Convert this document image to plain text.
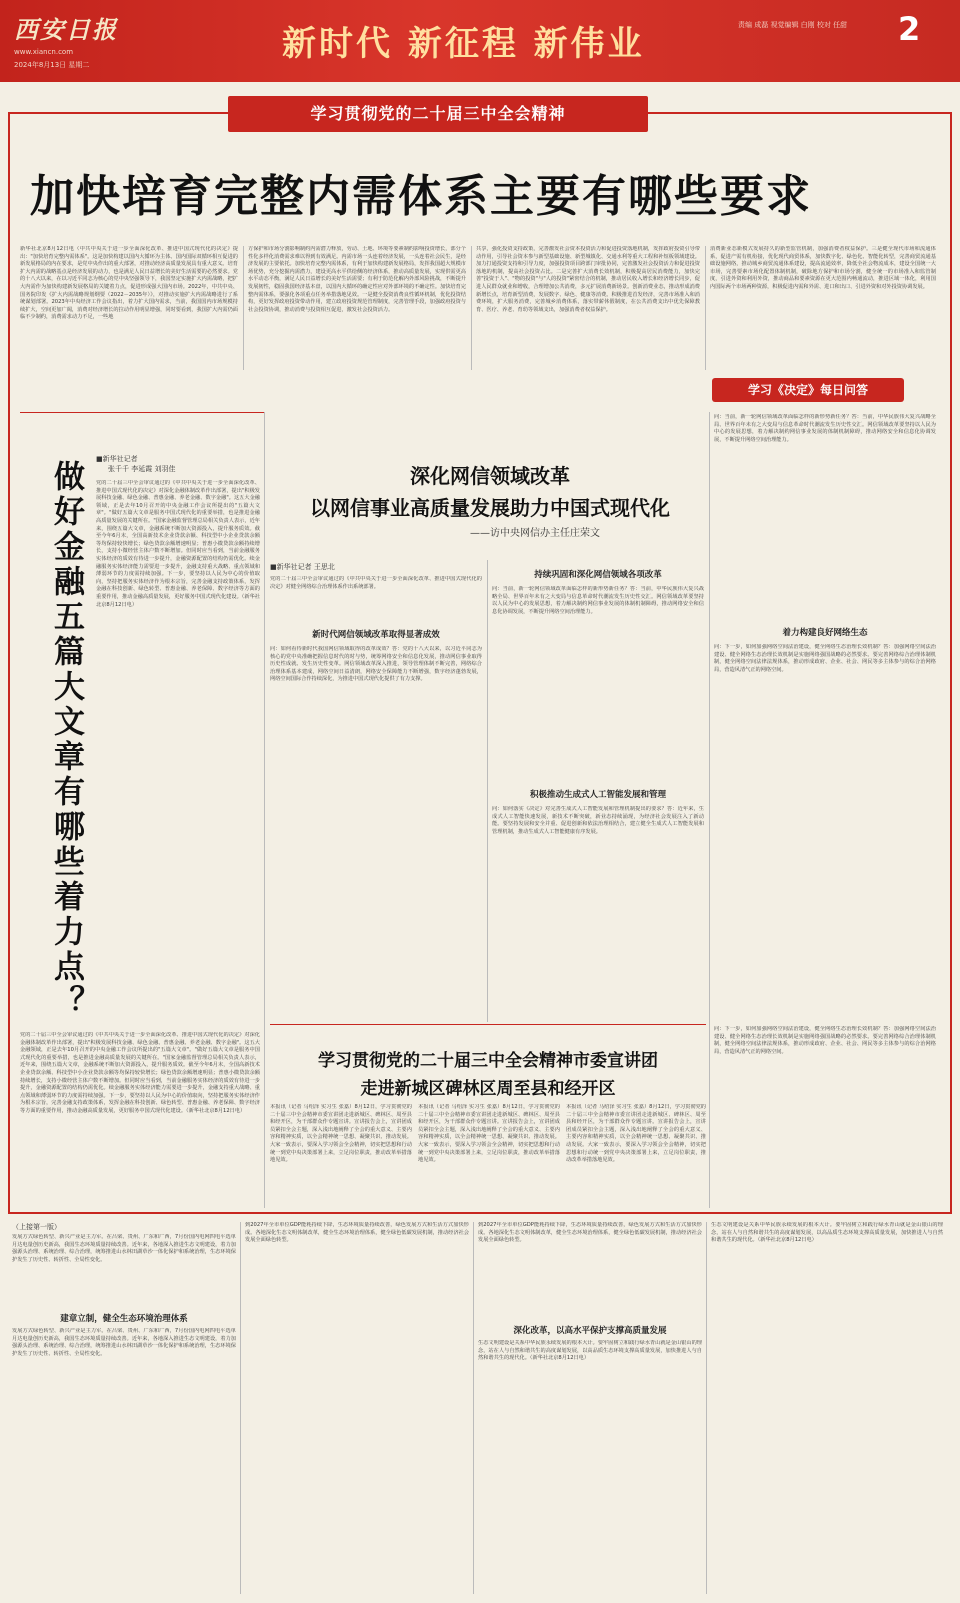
西安日报
www.xiancn.com
2024年8月13日 星期二
新时代 新征程 新伟业	责编 成磊 视觉编辑 白刚 校对 任甜	2
学习贯彻党的二十届三中全会精神
加快培育完整内需体系主要有哪些要求
新华社北京8月12日电（中共中央关于进一步全面深化改革、推进中国式现代化的决定》提出："加快培育完整内需体系"。这是加快构建以国内大循环为主体、国内国际双循环相互促进的新发展格局的内在要求，是党中央作出的重大部署，对推动经济高质量发展具有重大意义。培育扩大内需的战略基点是经济发展的动力，也是满足人民日益增长的美好生活需要的必然要求。党的十八大以来，在以习近平同志为核心的党中央坚强领导下，我国坚定实施扩大内需战略，把扩大内需作为加快构建新发展格局的关键着力点，促进形成强大国内市场。2022年，中共中央、国务院印发《扩大内需战略规划纲要（2022－2035年）》，对推动实施扩大内需战略进行了系统谋划部署。2023年中央经济工作会议指出，着力扩大国内需求，当前，我国国内市场规模持续扩大，空间更加广阔，消费对经济增长的拉动作用明显增强，同时要看到，我国扩大内需仍面临不少制约，消费需求动力不足，一些地
方保护和市场分割影响制约内需潜力释放，劳动、土地、环境等要素制约影响投资增长，部分个性化多样化消费需求难以得到有效满足。内需市场一头连着经济发展，一头连着社会民生，是经济发展的主要依托。加快培育完整内需体系，有利于加快构建新发展格局，发挥我国超大规模市场优势，充分挖掘内需潜力，建设更高水平供给侧的经济体系，推动高质量发展，实现供需更高水平动态平衡，满足人民日益增长的美好生活需要；有利于防范化解内外部风险挑战，不断提升发展韧性，稳固我国经济基本盘，以国内大循环的确定性应对外部环境的不确定性。加快培育完整内需体系，要强化各项重点任务举措落地见效。一是健全投资消费良性循环机制，优化投资结构，更好发挥政府投资带动作用，建立政府投资规范管理制度，完善管理手段，加强政府投资与社会投资协调，推动消费与投资相互促进，激发社会投资活力。
共享，强化投资支持政策，完善激发社会资本投资活力和促进投资落地机制，发挥政府投资引导带动作用，引导社会资本参与新型基础设施、新型城镇化、交通水利等重大工程和补短板领域建设。加力打通投资支持和引导力度，加强投资项目跨部门审批协同，完善激发社会投资活力和促进投资落地的机制，提高社会投资占比。二是完善扩大消费长效机制，积极提高居民消费能力，加快完善"投资于人"、"物的投资"与"人的投资"紧密结合的机制，推动居民收入增长和经济增长同步，促进人民群众就业和增收，合理增加公共消费，多元扩展消费新场景。创新消费业态，推动形成消费新增长点，培育新型消费，发展数字、绿色、健康等消费。积极推进首发经济，完善市场准入和消费环境，扩大服务消费，完善城乡消费体系，落实带薪休假制度，在公共消费支出中优先保障教育、医疗、养老、育幼等领域支出，加强消费者权益保护。
消费新业态新模式发展持久的新型监管机制，加强消费者权益保护。三是健全现代市场和流通体系，促进产需有机衔接，优化现代商贸体系，加快数字化、绿色化、智能化转型，完善商贸流通基础设施网络，推动城乡商贸流通体系建设，提高流通效率，降低全社会物流成本，建设全国统一大市场，完善要素市场化配置体制机制，破除地方保护和市场分割，健全统一的市场准入和监管制度，引进外资和利用外资，推动商品和要素资源在更大范围内畅通流动，推进区域一体化，利用国内国际两个市场两种资源，积极促进内需和外需、进口和出口、引进外资和对外投资协调发展。
学习《决定》每日问答
做好金融五篇大文章有哪些着力点？
■新华社记者
张千千 李延霞 刘羽佳
党的二十届三中全会审议通过的《中共中央关于进一步全面深化改革、推进中国式现代化的决定》对深化金融体制改革作出部署，提出"积极发展科技金融、绿色金融、普惠金融、养老金融、数字金融"。这五大金融领域，正是去年10月召开的中央金融工作会议所提出的"五篇大文章"。"做好五篇大文章是服务中国式现代化的重要举措，也是推进金融高质量发展的关键所在。"国家金融监督管理总局相关负责人表示，近年来，围绕五篇大文章，金融系统不断加大资源投入，提升服务质效。截至今年6月末，全国高新技术企业贷款余额、科技型中小企业贷款余额等均保持较快增长；绿色贷款余额增速明显；普惠小微贷款余额持续增长，支持小微经营主体户数不断增加。但同时应当看到，当前金融服务实体经济的质效有待进一步提升，金融资源配置的结构仍需优化。续金融服务实体经济能力需要进一步提升，金融支持重大战略、重点领域和薄弱环节的力度需持续加强。下一步，要坚持以人民为中心的价值取向，坚持把服务实体经济作为根本宗旨，完善金融支持政策体系，发挥金融在科技创新、绿色转型、普惠金融、养老保障、数字经济等方面的重要作用，推动金融高质量发展，更好服务中国式现代化建设。（新华社北京8月12日电）
党的二十届三中全会审议通过的《中共中央关于进一步全面深化改革、推进中国式现代化的决定》对深化金融体制改革作出部署，提出"积极发展科技金融、绿色金融、普惠金融、养老金融、数字金融"。这五大金融领域，正是去年10月召开的中央金融工作会议所提出的"五篇大文章"。"做好五篇大文章是服务中国式现代化的重要举措，也是推进金融高质量发展的关键所在。"国家金融监督管理总局相关负责人表示，近年来，围绕五篇大文章，金融系统不断加大资源投入，提升服务质效。截至今年6月末，全国高新技术企业贷款余额、科技型中小企业贷款余额等均保持较快增长；绿色贷款余额增速明显；普惠小微贷款余额持续增长，支持小微经营主体户数不断增加。但同时应当看到，当前金融服务实体经济的质效有待进一步提升，金融资源配置的结构仍需优化。续金融服务实体经济能力需要进一步提升，金融支持重大战略、重点领域和薄弱环节的力度需持续加强。下一步，要坚持以人民为中心的价值取向，坚持把服务实体经济作为根本宗旨，完善金融支持政策体系，发挥金融在科技创新、绿色转型、普惠金融、养老保障、数字经济等方面的重要作用，推动金融高质量发展，更好服务中国式现代化建设。（新华社北京8月12日电）
深化网信领域改革
以网信事业高质量发展助力中国式现代化
——访中央网信办主任庄荣文
■新华社记者 王思北
党的二十届三中全会审议通过的《中共中央关于进一步全面深化改革、推进中国式现代化的决定》对健全网络综合治理体系作出系统部署。
新时代网信领域改革取得显著成效
问：如何看待新时代我国网信领域取得的改革成效？答：党的十八大以来，以习近平同志为核心的党中央准确把握信息时代的时与势，统筹网络安全和信息化发展，推动网信事业取得历史性成就、发生历史性变革。网信领域改革深入推进，领导管理体制不断完善，网络综合治理体系基本建成，网络空间日益清朗，网络安全保障能力不断增强，数字经济蓬勃发展，网络空间国际合作持续深化，为推进中国式现代化提供了有力支撑。
持续巩固和深化网信领域各项改革
问：当前，新一轮网信领域改革面临怎样的新形势新任务？答：当前，中华民族伟大复兴战略全局、世界百年未有之大变局与信息革命时代潮流发生历史性交汇。网信领域改革要坚持以人民为中心的发展思想，着力解决制约网信事业发展的体制机制障碍，推动网络安全和信息化协调发展，不断提升网络空间治理能力。
积极推动生成式人工智能发展和管理
问：如何落实《决定》对完善生成式人工智能发展和管理机制提出的要求？答：近年来，生成式人工智能快速发展，新技术不断突破，新业态持续涌现，为经济社会发展注入了新动能。要坚持发展和安全并重、促进创新和依法治理相结合，建立健全生成式人工智能发展和管理机制，推动生成式人工智能健康有序发展。
问：当前，新一轮网信领域改革面临怎样的新形势新任务？答：当前，中华民族伟大复兴战略全局、世界百年未有之大变局与信息革命时代潮流发生历史性交汇。网信领域改革要坚持以人民为中心的发展思想，着力解决制约网信事业发展的体制机制障碍，推动网络安全和信息化协调发展，不断提升网络空间治理能力。
着力构建良好网络生态
问：下一步，如何加强网络空间法治建设，健全网络生态治理长效机制？答：加强网络空间法治建设、健全网络生态治理长效机制是实施网络强国战略的必然要求。要完善网络综合治理体制机制，健全网络空间法律法规体系，推动形成政府、企业、社会、网民等多主体参与的综合治网格局，营造风清气正的网络空间。
问：下一步，如何加强网络空间法治建设，健全网络生态治理长效机制？答：加强网络空间法治建设、健全网络生态治理长效机制是实施网络强国战略的必然要求。要完善网络综合治理体制机制，健全网络空间法律法规体系，推动形成政府、企业、社会、网民等多主体参与的综合治网格局，营造风清气正的网络空间。
学习贯彻党的二十届三中全会精神市委宣讲团
走进新城区碑林区周至县和经开区
本报讯（记者 马绍泽 实习生 张嘉）8月12日，学习贯彻党的二十届三中全会精神市委宣讲团走进新城区、碑林区、周至县和经开区，为干部群众作专题宣讲。宣讲报告会上，宣讲团成员紧扣全会主题，深入浅出地阐释了全会的重大意义、主要内容和精神实质，以全会精神统一思想、凝聚共识、推动发展。大家一致表示，要深入学习领会全会精神，切实把思想和行动统一到党中央决策部署上来，立足岗位职责，推动改革举措落地见效。
本报讯（记者 马绍泽 实习生 张嘉）8月12日，学习贯彻党的二十届三中全会精神市委宣讲团走进新城区、碑林区、周至县和经开区，为干部群众作专题宣讲。宣讲报告会上，宣讲团成员紧扣全会主题，深入浅出地阐释了全会的重大意义、主要内容和精神实质，以全会精神统一思想、凝聚共识、推动发展。大家一致表示，要深入学习领会全会精神，切实把思想和行动统一到党中央决策部署上来，立足岗位职责，推动改革举措落地见效。
本报讯（记者 马绍泽 实习生 张嘉）8月12日，学习贯彻党的二十届三中全会精神市委宣讲团走进新城区、碑林区、周至县和经开区，为干部群众作专题宣讲。宣讲报告会上，宣讲团成员紧扣全会主题，深入浅出地阐释了全会的重大意义、主要内容和精神实质，以全会精神统一思想、凝聚共识、推动发展。大家一致表示，要深入学习领会全会精神，切实把思想和行动统一到党中央决策部署上来，立足岗位职责，推动改革举措落地见效。
（上接第一版）
发展方式绿色转型、新兴产业是主力军。在吕梁、贵州、广东和广西，7月份国内电网四电平选单月达电量创历史新高，我国生态环境质量持续改善。近年来，各地深入推进生态文明建设，着力加强源头治理、系统治理、综合治理，统筹推进山水林田湖草沙一体化保护和系统治理，生态环境保护发生了历史性、转折性、全局性变化。
建章立制，健全生态环境治理体系
发展方式绿色转型、新兴产业是主力军。在吕梁、贵州、广东和广西，7月份国内电网四电平选单月达电量创历史新高，我国生态环境质量持续改善。近年来，各地深入推进生态文明建设，着力加强源头治理、系统治理、综合治理，统筹推进山水林田湖草沙一体化保护和系统治理，生态环境保护发生了历史性、转折性、全局性变化。
到2027年全市单位GDP能耗持续下降，生态环境质量持续改善，绿色发展方式和生活方式加快形成。各地深化生态文明体制改革，健全生态环境治理体系，健全绿色低碳发展机制，推动经济社会发展全面绿色转型。
到2027年全市单位GDP能耗持续下降，生态环境质量持续改善，绿色发展方式和生活方式加快形成。各地深化生态文明体制改革，健全生态环境治理体系，健全绿色低碳发展机制，推动经济社会发展全面绿色转型。
深化改革，以高水平保护支撑高质量发展
生态文明建设是关系中华民族永续发展的根本大计。要牢固树立和践行绿水青山就是金山银山的理念，站在人与自然和谐共生的高度谋划发展，以高品质生态环境支撑高质量发展，加快推进人与自然和谐共生的现代化。（新华社北京8月12日电）
生态文明建设是关系中华民族永续发展的根本大计。要牢固树立和践行绿水青山就是金山银山的理念，站在人与自然和谐共生的高度谋划发展，以高品质生态环境支撑高质量发展，加快推进人与自然和谐共生的现代化。（新华社北京8月12日电）
